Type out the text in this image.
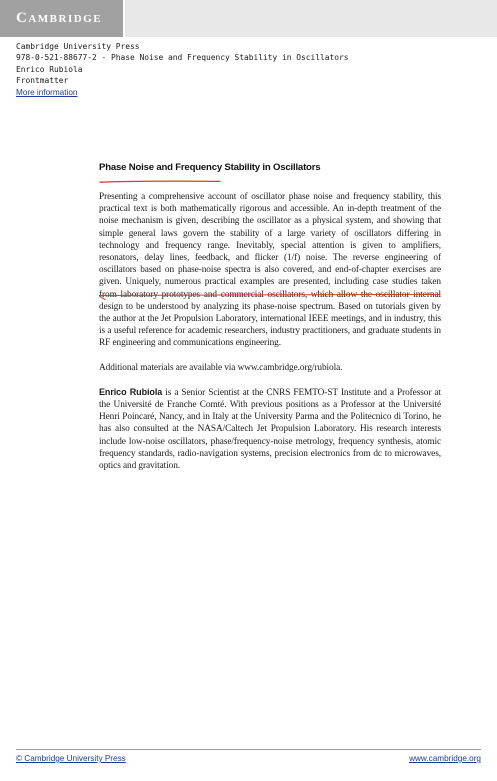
Cambridge
Cambridge University Press
978-0-521-88677-2 - Phase Noise and Frequency Stability in Oscillators
Enrico Rubiola
Frontmatter
More information
Phase Noise and Frequency Stability in Oscillators

Presenting a comprehensive account of oscillator phase noise and frequency stability, this practical text is both mathematically rigorous and accessible. An in-depth treatment of the noise mechanism is given, describing the oscillator as a physical system, and showing that simple general laws govern the stability of a large variety of oscillators differing in technology and frequency range. Inevitably, special attention is given to amplifiers, resonators, delay lines, feedback, and flicker (1/f) noise. The reverse engineering of oscillators based on phase-noise spectra is also covered, and end-of-chapter exercises are given. Uniquely, numerous practical examples are presented, including case studies taken from laboratory prototypes and commercial oscillators, which allow the oscillator internal design to be understood by analyzing its phase-noise spectrum. Based on tutorials given by the author at the Jet Propulsion Laboratory, international IEEE meetings, and in industry, this is a useful reference for academic researchers, industry practitioners, and graduate students in RF engineering and communications engineering.

Additional materials are available via www.cambridge.org/rubiola.

Enrico Rubiola is a Senior Scientist at the CNRS FEMTO-ST Institute and a Professor at the Université de Franche Comté. With previous positions as a Professor at the Université Henri Poincaré, Nancy, and in Italy at the University Parma and the Politecnico di Torino, he has also consulted at the NASA/Caltech Jet Propulsion Laboratory. His research interests include low-noise oscillators, phase/frequency-noise metrology, frequency synthesis, atomic frequency standards, radio-navigation systems, precision electronics from dc to microwaves, optics and gravitation.

© Cambridge University Press	www.cambridge.org
